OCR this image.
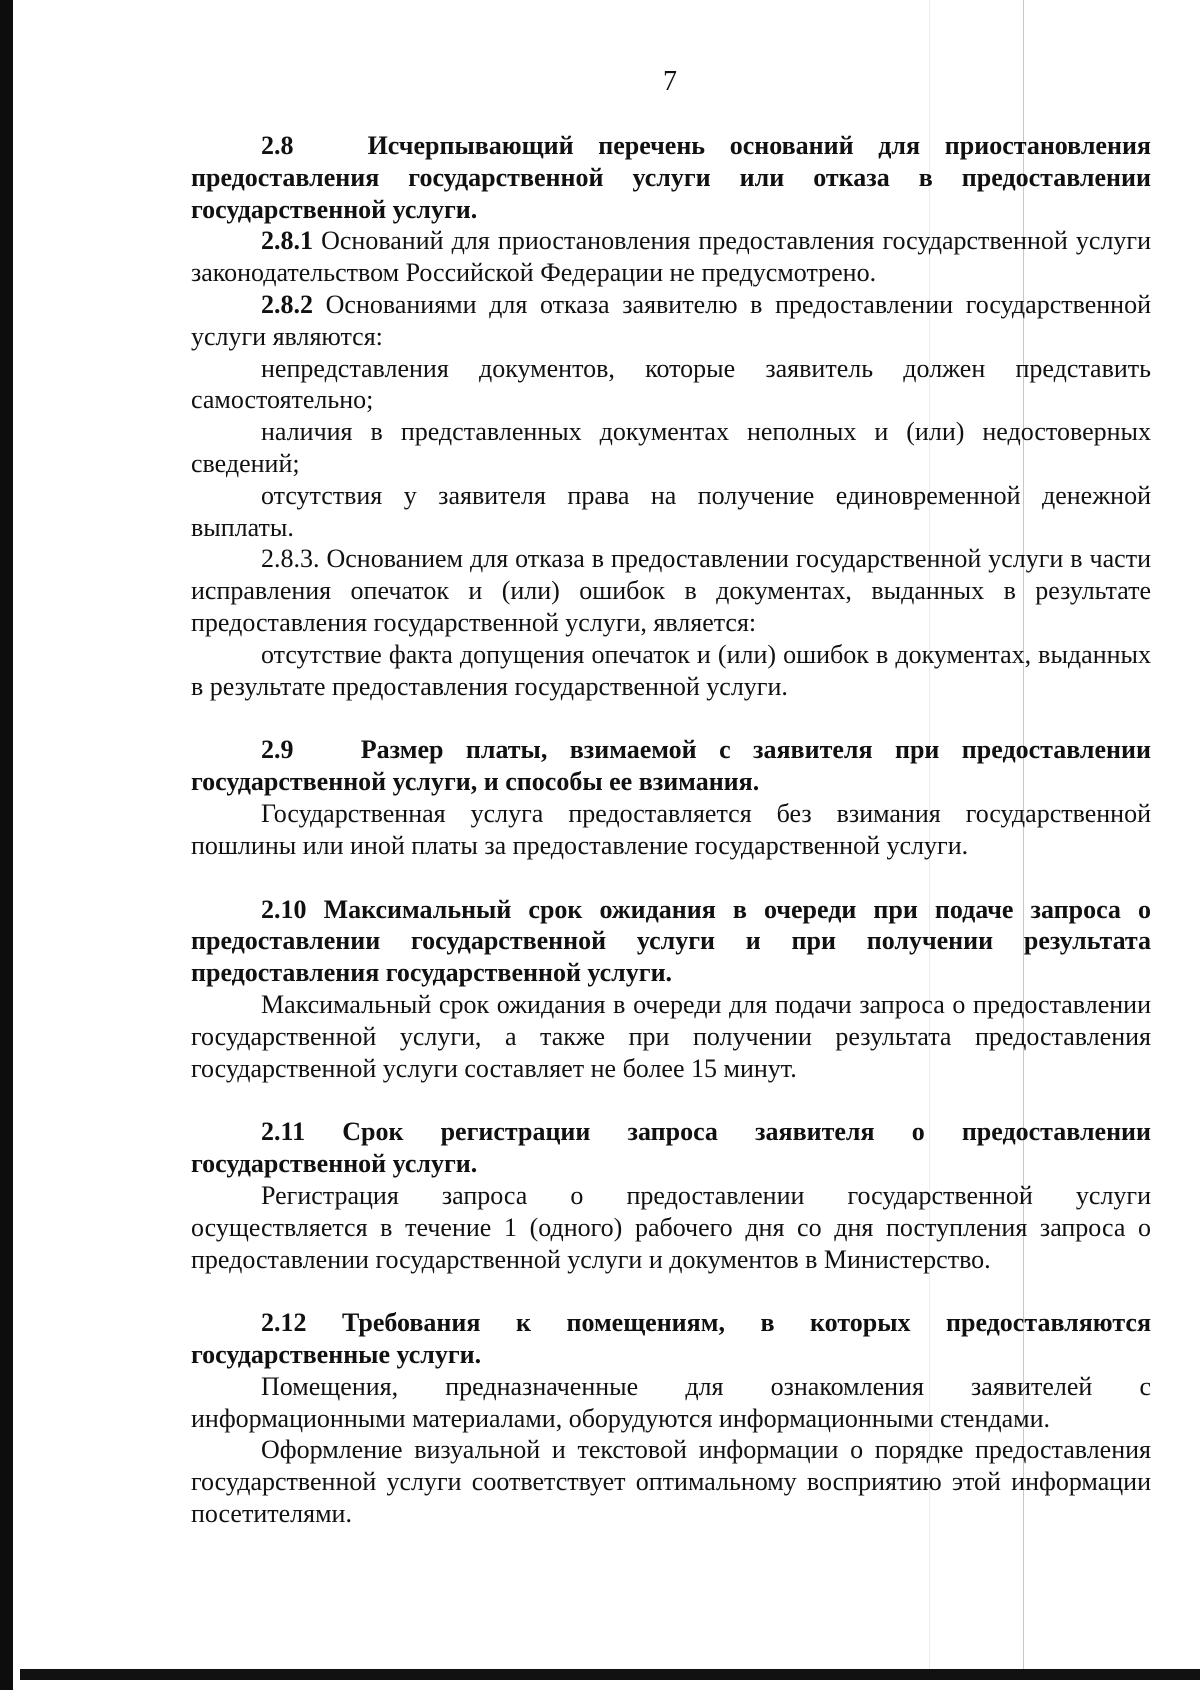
7

2.8	Исчерпывающий перечень оснований для приостановления предоставления государственной услуги или отказа в предоставлении государственной услуги.

2.8.1 Оснований для приостановления предоставления государственной услуги законодательством Российской Федерации не предусмотрено.

2.8.2 Основаниями для отказа заявителю в предоставлении государственной услуги являются:

непредставления документов, которые заявитель должен представить самостоятельно;

наличия в представленных документах неполных и (или) недостоверных сведений;

отсутствия у заявителя права на получение единовременной денежной выплаты.

2.8.3. Основанием для отказа в предоставлении государственной услуги в части исправления опечаток и (или) ошибок в документах, выданных в результате предоставления государственной услуги, является:

отсутствие факта допущения опечаток и (или) ошибок в документах, выданных в результате предоставления государственной услуги.

2.9	Размер платы, взимаемой с заявителя при предоставлении государственной услуги, и способы ее взимания.

Государственная услуга предоставляется без взимания государственной пошлины или иной платы за предоставление государственной услуги.

2.10 Максимальный срок ожидания в очереди при подаче запроса о предоставлении государственной услуги и при получении результата предоставления государственной услуги.

Максимальный срок ожидания в очереди для подачи запроса о предоставлении государственной услуги, а также при получении результата предоставления государственной услуги составляет не более 15 минут.

2.11 Срок регистрации запроса заявителя о предоставлении государственной услуги.

Регистрация запроса о предоставлении государственной услуги осуществляется в течение 1 (одного) рабочего дня со дня поступления запроса о предоставлении государственной услуги и документов в Министерство.

2.12 Требования к помещениям, в которых предоставляются государственные услуги.

Помещения, предназначенные для ознакомления заявителей с информационными материалами, оборудуются информационными стендами.

Оформление визуальной и текстовой информации о порядке предоставления государственной услуги соответствует оптимальному восприятию этой информации посетителями.
